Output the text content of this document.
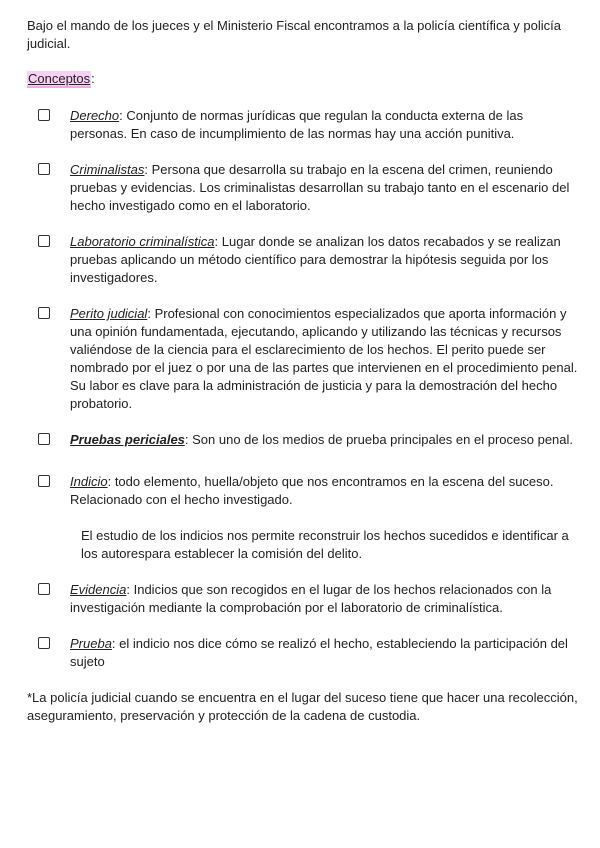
Bajo el mando de los jueces y el Ministerio Fiscal encontramos a la policía científica y policía judicial.

Conceptos:

Derecho: Conjunto de normas jurídicas que regulan la conducta externa de las personas. En caso de incumplimiento de las normas hay una acción punitiva.
Criminalistas: Persona que desarrolla su trabajo en la escena del crimen, reuniendo pruebas y evidencias. Los criminalistas desarrollan su trabajo tanto en el escenario del hecho investigado como en el laboratorio.
Laboratorio criminalística: Lugar donde se analizan los datos recabados y se realizan pruebas aplicando un método científico para demostrar la hipótesis seguida por los investigadores.
Perito judicial: Profesional con conocimientos especializados que aporta información y una opinión fundamentada, ejecutando, aplicando y utilizando las técnicas y recursos valiéndose de la ciencia para el esclarecimiento de los hechos. El perito puede ser nombrado por el juez o por una de las partes que intervienen en el procedimiento penal. Su labor es clave para la administración de justicia y para la demostración del hecho probatorio.
Pruebas periciales: Son uno de los medios de prueba principales en el proceso penal.
Indicio: todo elemento, huella/objeto que nos encontramos en la escena del suceso. Relacionado con el hecho investigado.

El estudio de los indicios nos permite reconstruir los hechos sucedidos e identificar a los autorespara establecer la comisión del delito.

Evidencia: Indicios que son recogidos en el lugar de los hechos relacionados con la investigación mediante la comprobación por el laboratorio de criminalística.
Prueba: el indicio nos dice cómo se realizó el hecho, estableciendo la participación del sujeto

*La policía judicial cuando se encuentra en el lugar del suceso tiene que hacer una recolección, aseguramiento, preservación y protección de la cadena de custodia.
